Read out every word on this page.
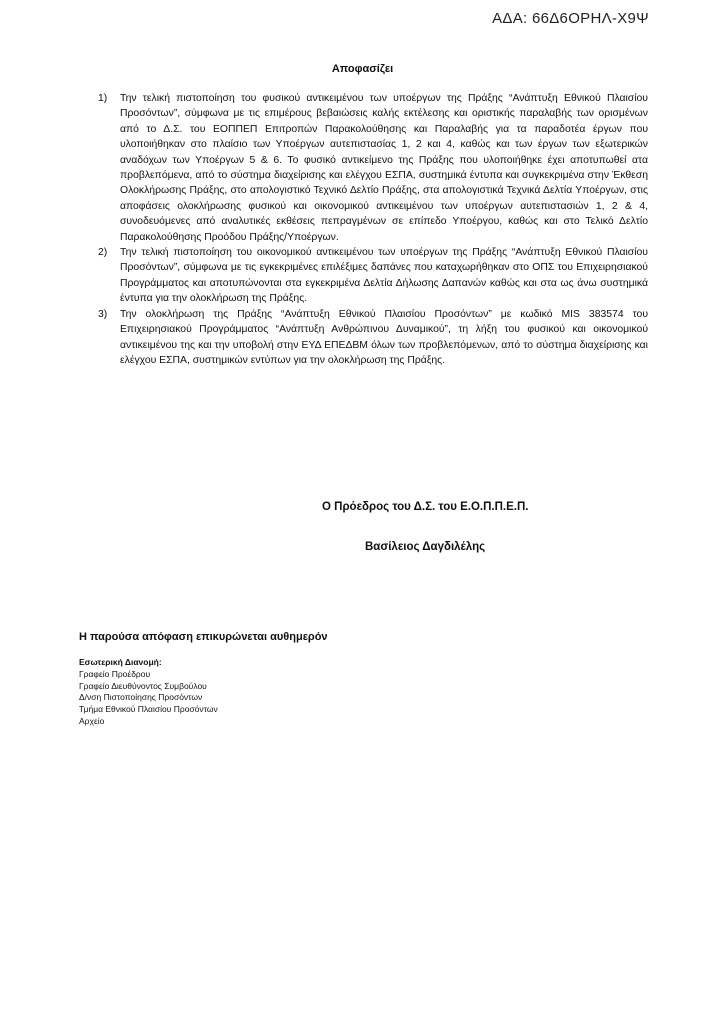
ΑΔΑ: 66Δ6ΟΡΗΛ-Χ9Ψ
Αποφασίζει
1)	Την τελική πιστοποίηση του φυσικού αντικειμένου των υποέργων της Πράξης “Ανάπτυξη Εθνικού Πλαισίου Προσόντων”, σύμφωνα με τις επιμέρους βεβαιώσεις καλής εκτέλεσης και οριστικής παραλαβής των ορισμένων από το Δ.Σ. του ΕΟΠΠΕΠ Επιτροπών Παρακολούθησης και Παραλαβής για τα παραδοτέα έργων που υλοποιήθηκαν στο πλαίσιο των Υποέργων αυτεπιστασίας 1, 2 και 4, καθώς και των έργων των εξωτερικών αναδόχων των Υποέργων 5 & 6. Το φυσικό αντικείμενο της Πράξης που υλοποιήθηκε έχει αποτυπωθεί ατα προβλεπόμενα, από το σύστημα διαχείρισης και ελέγχου ΕΣΠΑ, συστημικά έντυπα και συγκεκριμένα στην Έκθεση Ολοκλήρωσης Πράξης, στο απολογιστικό Τεχνικό Δελτίο Πράξης, στα απολογιστικά Τεχνικά Δελτία Υποέργων, στις αποφάσεις ολοκλήρωσης φυσικού και οικονομικού αντικειμένου των υποέργων αυτεπιστασιών 1, 2 & 4, συνοδευόμενες από αναλυτικές εκθέσεις πεπραγμένων σε επίπεδο Υποέργου, καθώς και στο Τελικό Δελτίο Παρακολούθησης Προόδου Πράξης/Υποέργων.
2)	Την τελική πιστοποίηση του οικονομικού αντικειμένου των υποέργων της Πράξης “Ανάπτυξη Εθνικού Πλαισίου Προσόντων”, σύμφωνα με τις εγκεκριμένες επιλέξιμες δαπάνες που καταχωρήθηκαν στο ΟΠΣ του Επιχειρησιακού Προγράμματος και αποτυπώνονται στα εγκεκριμένα Δελτία Δήλωσης Δαπανών καθώς και στα ως άνω συστημικά έντυπα για την ολοκλήρωση της Πράξης.
3)	Την ολοκλήρωση της Πράξης “Ανάπτυξη Εθνικού Πλαισίου Προσόντων” με κωδικό MIS 383574 του Επιχειρησιακού Προγράμματος “Ανάπτυξη Ανθρώπινου Δυναμικού”, τη λήξη του φυσικού και οικονομικού αντικειμένου της και την υποβολή στην ΕΥΔ ΕΠΕΔΒΜ όλων των προβλεπόμενων, από το σύστημα διαχείρισης και ελέγχου ΕΣΠΑ, συστημικών εντύπων για την ολοκλήρωση της Πράξης.
Ο Πρόεδρος του Δ.Σ. του Ε.Ο.Π.Π.Ε.Π.
Βασίλειος Δαγδιλέλης
Η παρούσα απόφαση επικυρώνεται αυθημερόν
Εσωτερική Διανομή:
Γραφείο Προέδρου
Γραφείο Διευθύνοντος Συμβούλου
Δ/νση Πιστοποίησης Προσόντων
Τμήμα Εθνικού Πλαισίου Προσόντων
Αρχείο
